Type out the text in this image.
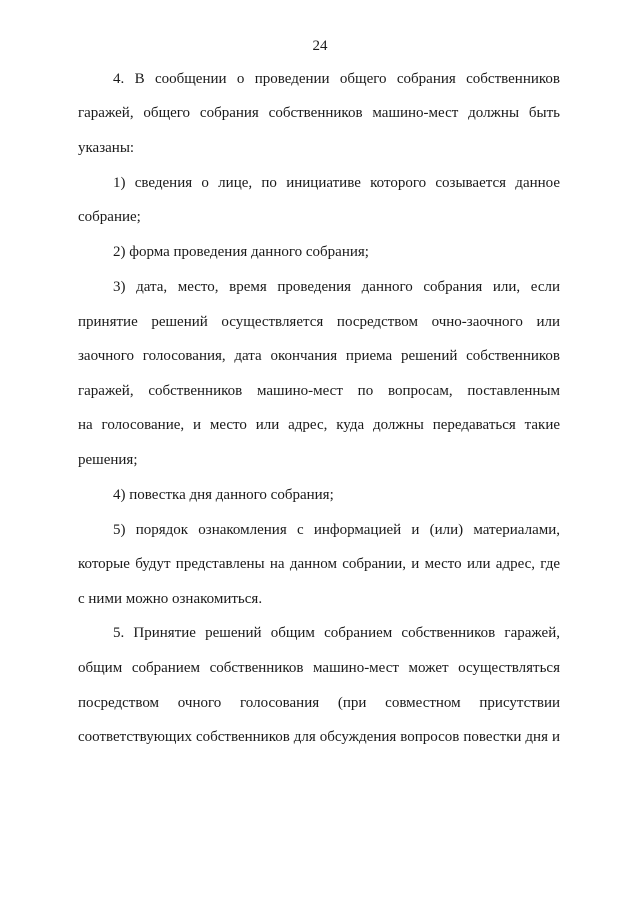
24
4. В сообщении о проведении общего собрания собственников
гаражей, общего собрания собственников машино-мест должны быть
указаны:
1) сведения о лице, по инициативе которого созывается данное
собрание;
2) форма проведения данного собрания;
3) дата, место, время проведения данного собрания или, если
принятие решений осуществляется посредством очно-заочного или
заочного голосования, дата окончания приема решений собственников
гаражей, собственников машино-мест по вопросам, поставленным
на голосование, и место или адрес, куда должны передаваться такие
решения;
4) повестка дня данного собрания;
5) порядок ознакомления с информацией и (или) материалами,
которые будут представлены на данном собрании, и место или адрес, где
с ними можно ознакомиться.
5. Принятие решений общим собранием собственников гаражей,
общим собранием собственников машино-мест может осуществляться
посредством очного голосования (при совместном присутствии
соответствующих собственников для обсуждения вопросов повестки дня и
